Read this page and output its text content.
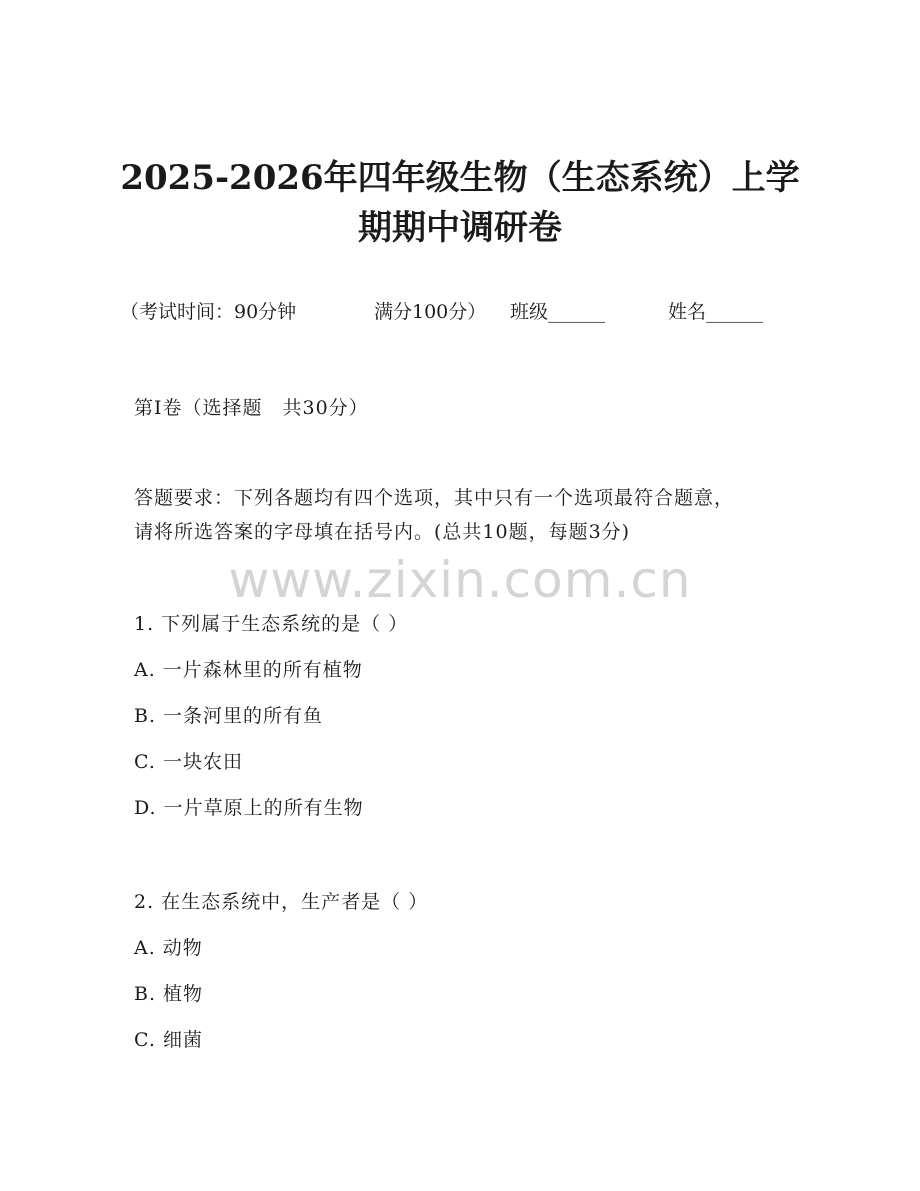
2025-2026年四年级生物（生态系统）上学
期期中调研卷
（考试时间：90分钟	满分100分） 班级______	姓名______
第I卷（选择题　共30分）
答题要求：下列各题均有四个选项，其中只有一个选项最符合题意，
请将所选答案的字母填在括号内。(总共10题，每题3分)
www.zixin.com.cn
1. 下列属于生态系统的是（ ）
A. 一片森林里的所有植物
B. 一条河里的所有鱼
C. 一块农田
D. 一片草原上的所有生物
2. 在生态系统中，生产者是（ ）
A. 动物
B. 植物
C. 细菌
